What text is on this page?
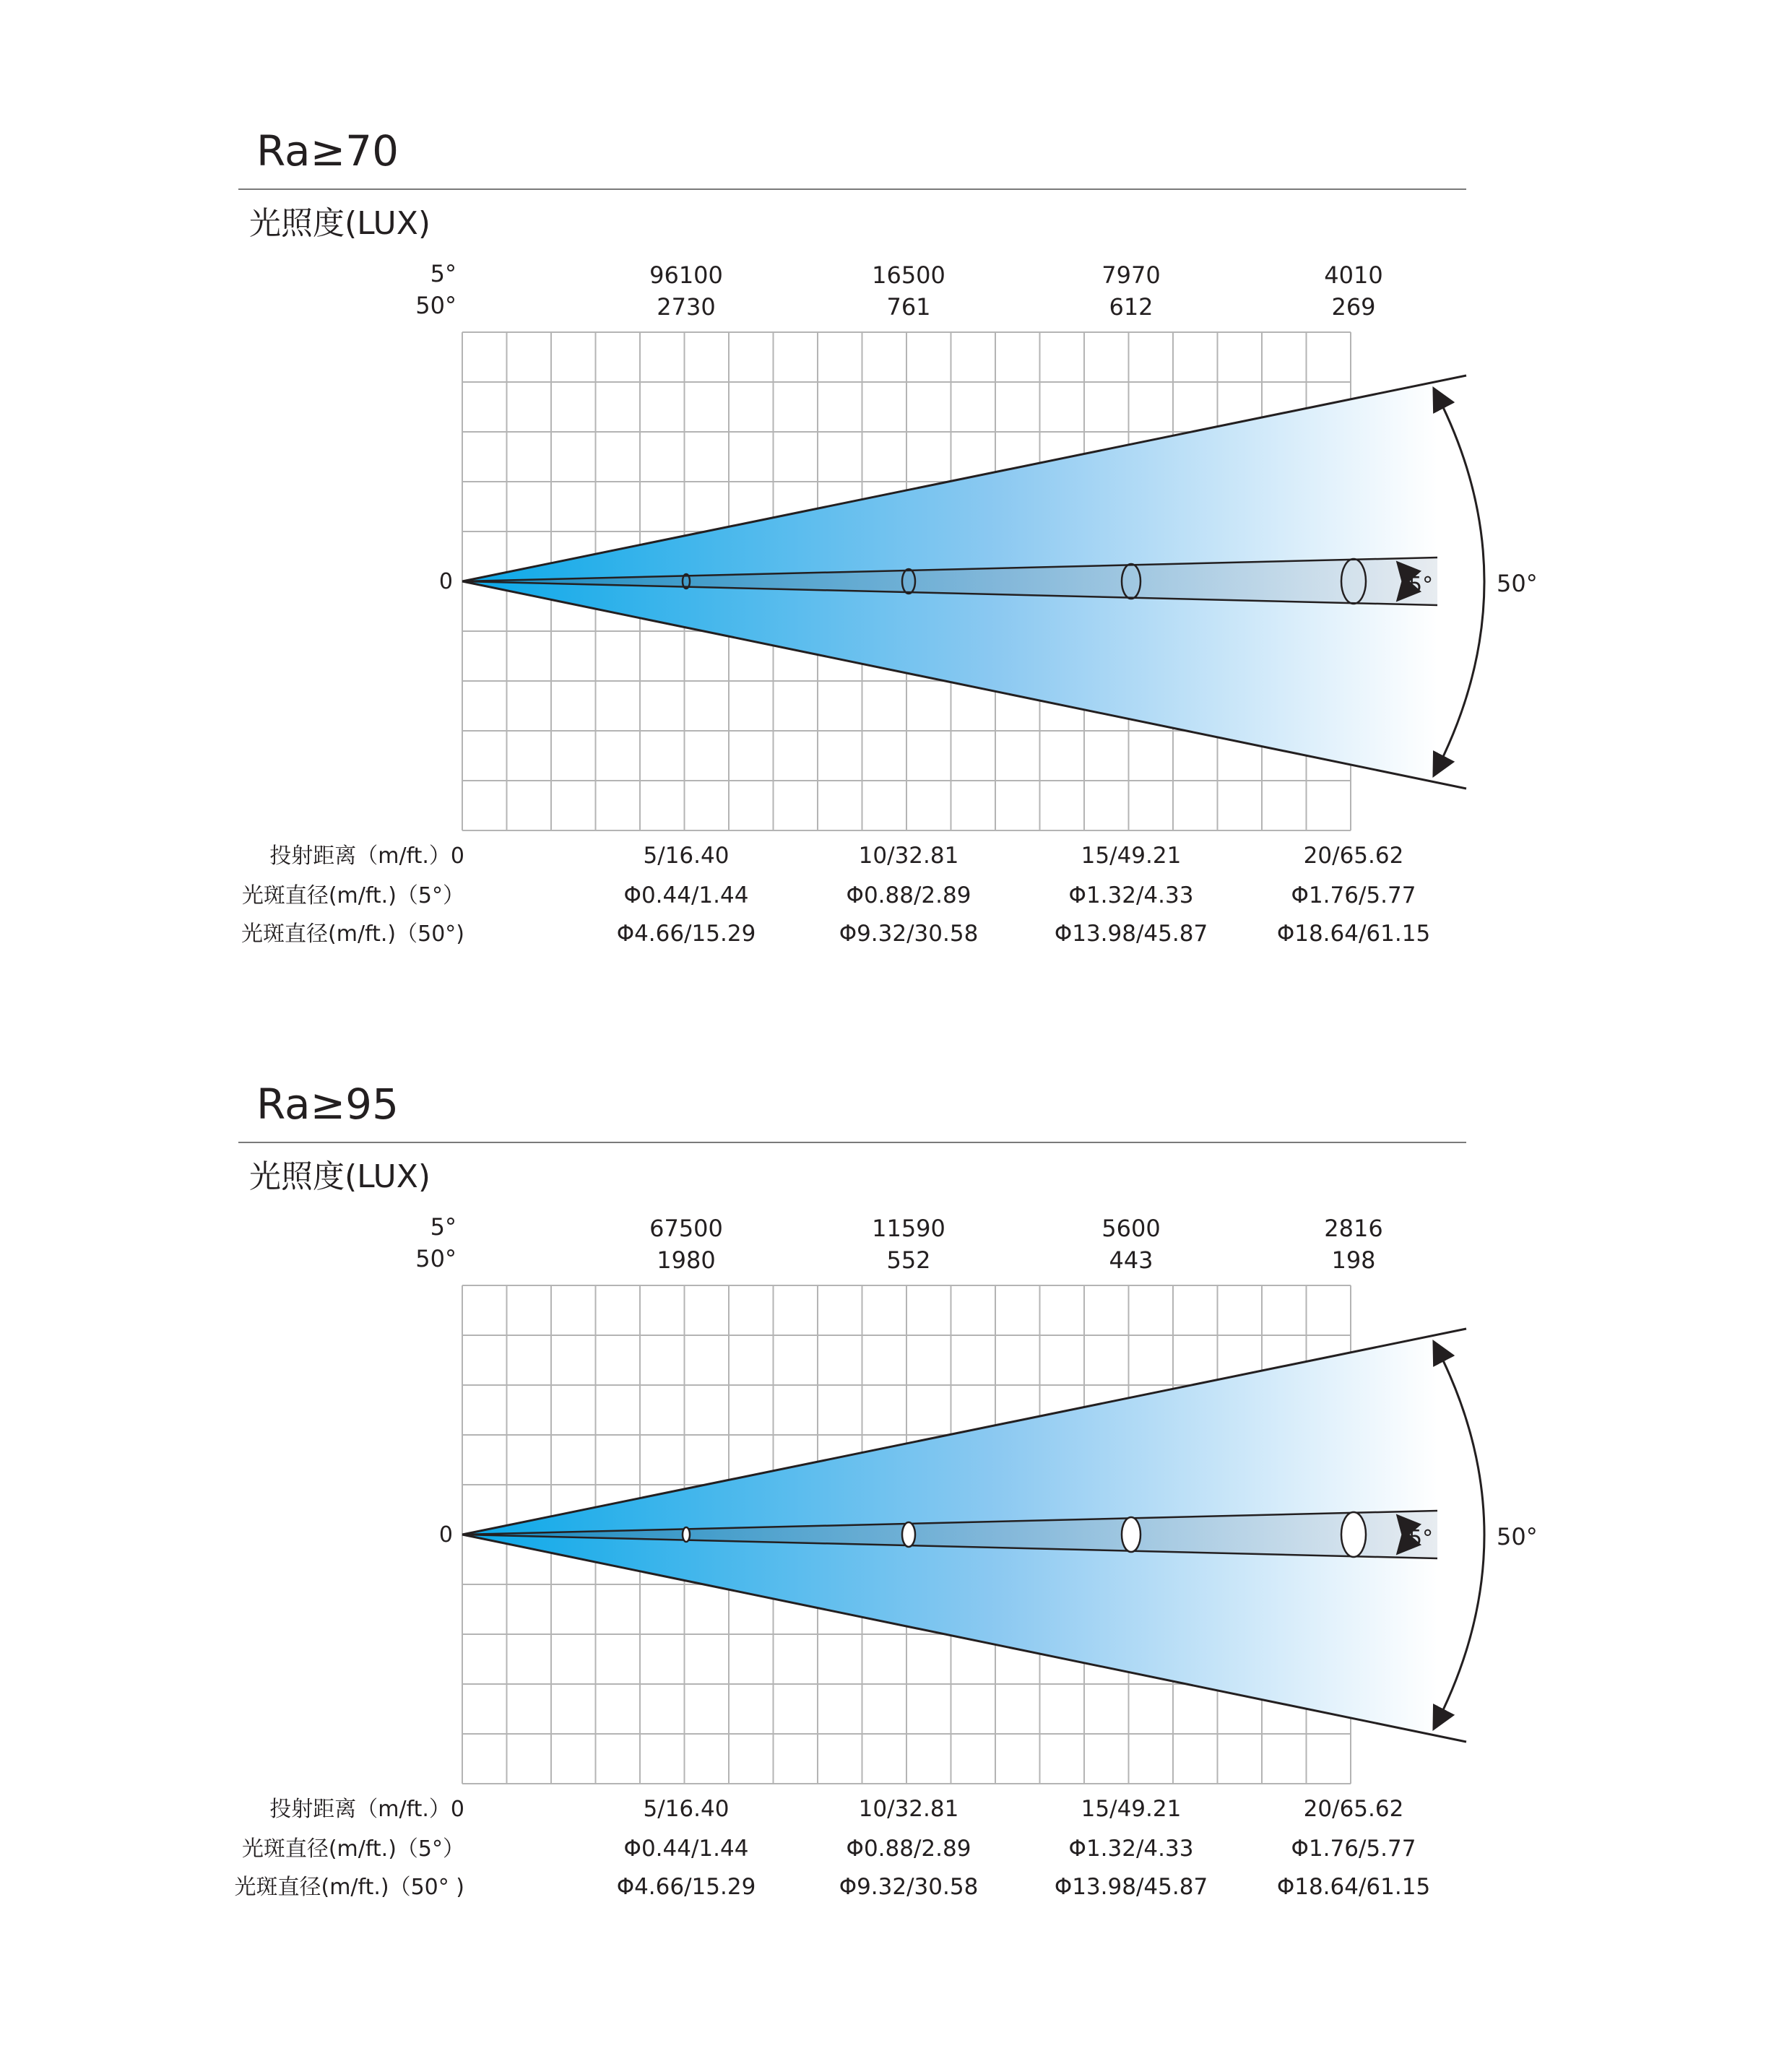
Ra≥70
光照度(LUX)
5°	50°
0
5°
50°
96100
2730
16500
761
7970
612
4010
269
投射距离（m/ft.）0
光斑直径(m/ft.)（5°）
光斑直径(m/ft.)（50°)
5/16.40
Φ0.44/1.44
Φ4.66/15.29
10/32.81
Φ0.88/2.89
Φ9.32/30.58
15/49.21
Φ1.32/4.33
Φ13.98/45.87
20/65.62
Φ1.76/5.77
Φ18.64/61.15
Ra≥95
光照度(LUX)
5°	50°
0
5°
50°
67500
1980
11590
552
5600
443
2816
198
投射距离（m/ft.）0
光斑直径(m/ft.)（5°）
光斑直径(m/ft.)（50° )
5/16.40
Φ0.44/1.44
Φ4.66/15.29
10/32.81
Φ0.88/2.89
Φ9.32/30.58
15/49.21
Φ1.32/4.33
Φ13.98/45.87
20/65.62
Φ1.76/5.77
Φ18.64/61.15
